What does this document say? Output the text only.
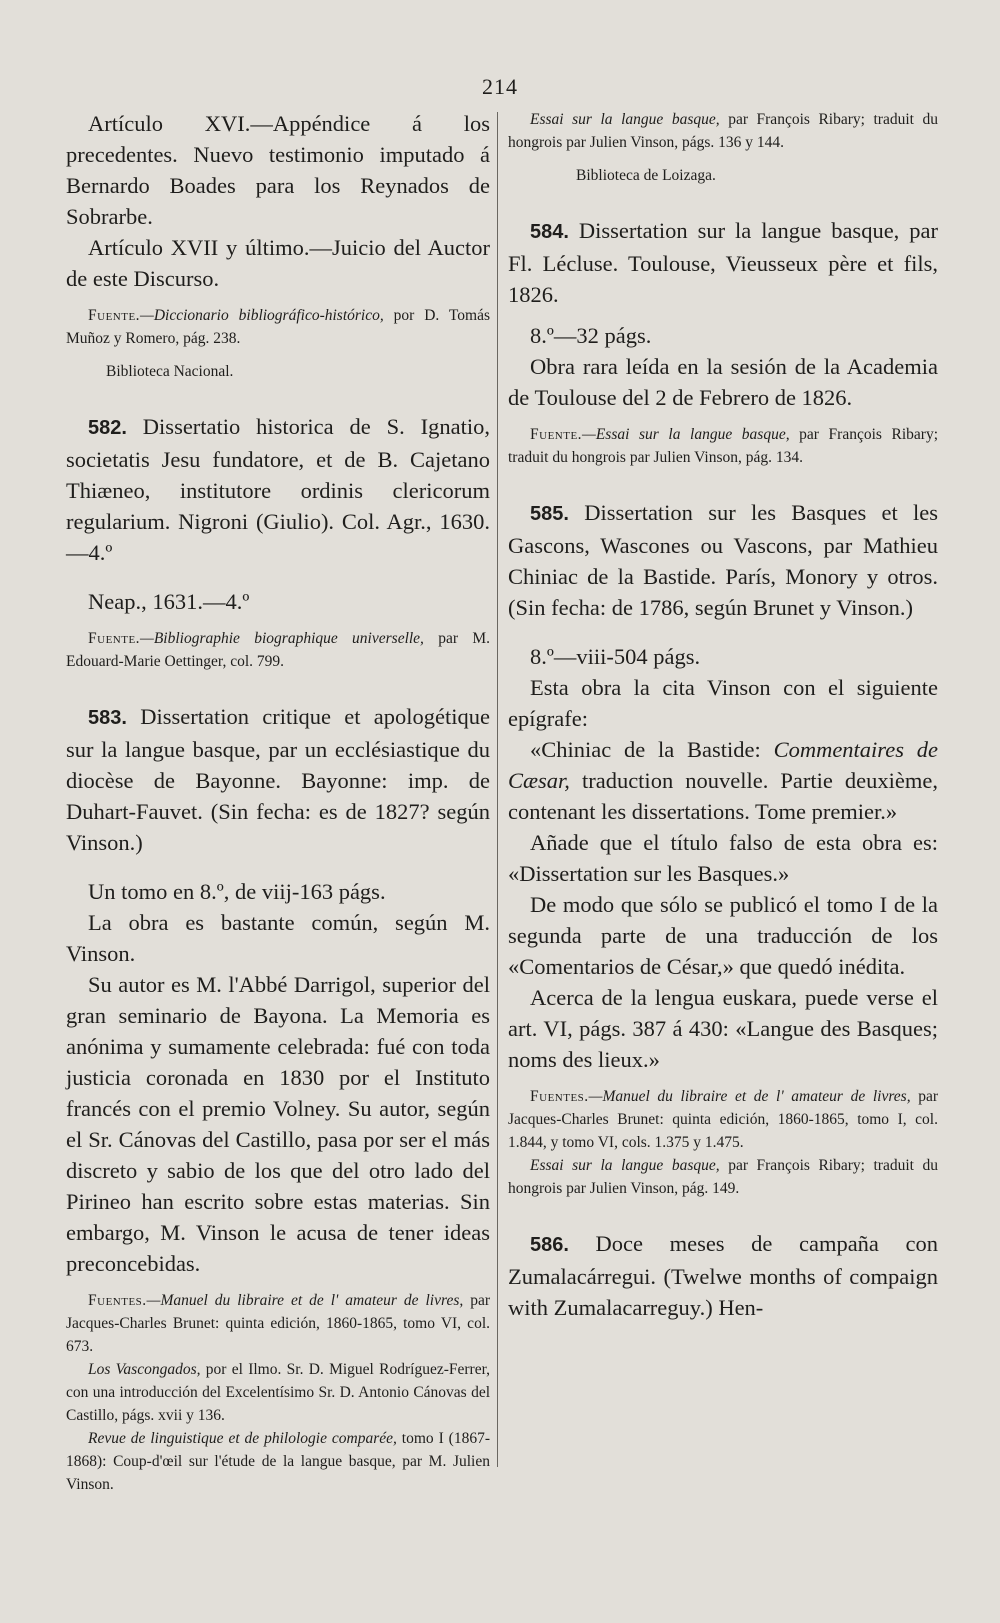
214

Artículo XVI.—Appéndice á los precedentes. Nuevo testimonio imputado á Bernardo Boades para los Reynados de Sobrarbe.

Artículo XVII y último.—Juicio del Auctor de este Discurso.

Fuente.—Diccionario bibliográfico-histórico, por D. Tomás Muñoz y Romero, pág. 238.

Biblioteca Nacional.

582. Dissertatio historica de S. Ignatio, societatis Jesu fundatore, et de B. Cajetano Thiæneo, institutore ordinis clericorum regularium. Nigroni (Giulio). Col. Agr., 1630.—4.º

Neap., 1631.—4.º

Fuente.—Bibliographie biographique universelle, par M. Edouard-Marie Oettinger, col. 799.

583. Dissertation critique et apologétique sur la langue basque, par un ecclésiastique du diocèse de Bayonne. Bayonne: imp. de Duhart-Fauvet. (Sin fecha: es de 1827? según Vinson.)

Un tomo en 8.º, de viij-163 págs.

La obra es bastante común, según M. Vinson.

Su autor es M. l'Abbé Darrigol, superior del gran seminario de Bayona. La Memoria es anónima y sumamente celebrada: fué con toda justicia coronada en 1830 por el Instituto francés con el premio Volney. Su autor, según el Sr. Cánovas del Castillo, pasa por ser el más discreto y sabio de los que del otro lado del Pirineo han escrito sobre estas materias. Sin embargo, M. Vinson le acusa de tener ideas preconcebidas.

Fuentes.—Manuel du libraire et de l' amateur de livres, par Jacques-Charles Brunet: quinta edición, 1860-1865, tomo VI, col. 673.

Los Vascongados, por el Ilmo. Sr. D. Miguel Rodríguez-Ferrer, con una introducción del Excelentísimo Sr. D. Antonio Cánovas del Castillo, págs. xvii y 136.

Revue de linguistique et de philologie comparée, tomo I (1867-1868): Coup-d'œil sur l'étude de la langue basque, par M. Julien Vinson.

Essai sur la langue basque, par François Ribary; traduit du hongrois par Julien Vinson, págs. 136 y 144.

Biblioteca de Loizaga.

584. Dissertation sur la langue basque, par Fl. Lécluse. Toulouse, Vieusseux père et fils, 1826.

8.º—32 págs.

Obra rara leída en la sesión de la Academia de Toulouse del 2 de Febrero de 1826.

Fuente.—Essai sur la langue basque, par François Ribary; traduit du hongrois par Julien Vinson, pág. 134.

585. Dissertation sur les Basques et les Gascons, Wascones ou Vascons, par Mathieu Chiniac de la Bastide. París, Monory y otros. (Sin fecha: de 1786, según Brunet y Vinson.)

8.º—viii-504 págs.

Esta obra la cita Vinson con el siguiente epígrafe:

«Chiniac de la Bastide: Commentaires de Cæsar, traduction nouvelle. Partie deuxième, contenant les dissertations. Tome premier.»

Añade que el título falso de esta obra es: «Dissertation sur les Basques.»

De modo que sólo se publicó el tomo I de la segunda parte de una traducción de los «Comentarios de César,» que quedó inédita.

Acerca de la lengua euskara, puede verse el art. VI, págs. 387 á 430: «Langue des Basques; noms des lieux.»

Fuentes.—Manuel du libraire et de l' amateur de livres, par Jacques-Charles Brunet: quinta edición, 1860-1865, tomo I, col. 1.844, y tomo VI, cols. 1.375 y 1.475.

Essai sur la langue basque, par François Ribary; traduit du hongrois par Julien Vinson, pág. 149.

586. Doce meses de campaña con Zumalacárregui. (Twelwe months of compaign with Zumalacarreguy.) Hen-
